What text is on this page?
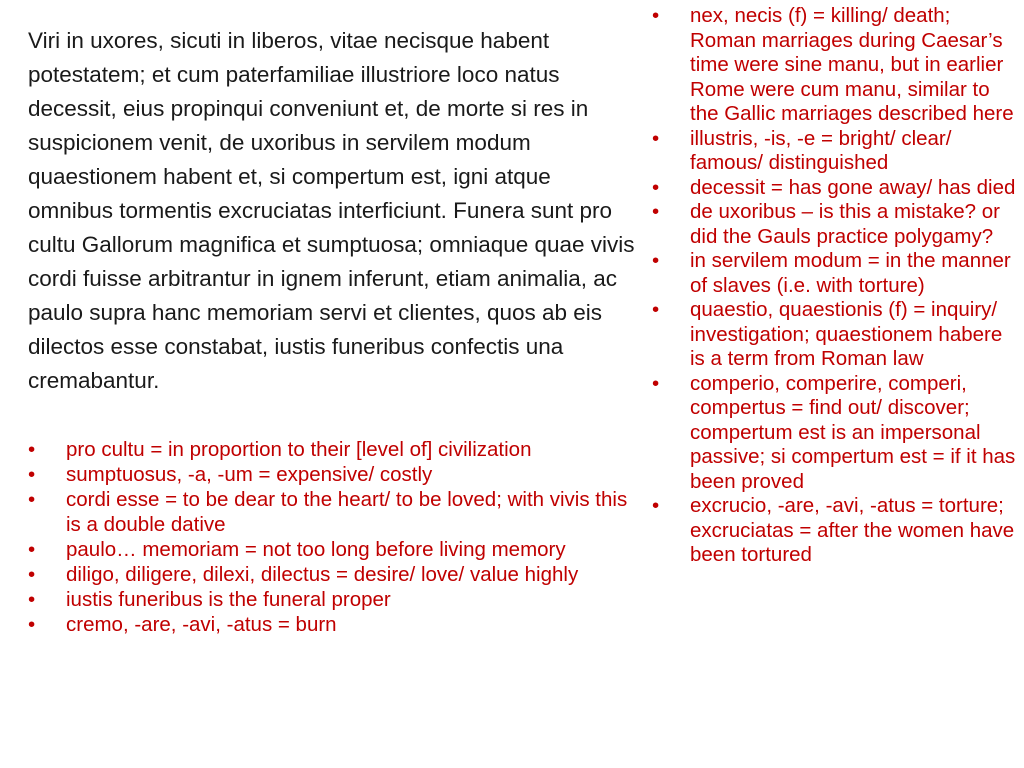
Viri in uxores, sicuti in liberos, vitae necisque habent potestatem; et cum paterfamiliae illustriore loco natus decessit, eius propinqui conveniunt et, de morte si res in suspicionem venit, de uxoribus in servilem modum quaestionem habent et, si compertum est, igni atque omnibus tormentis excruciatas interficiunt. Funera sunt pro cultu Gallorum magnifica et sumptuosa; omniaque quae vivis cordi fuisse arbitrantur in ignem inferunt, etiam animalia, ac paulo supra hanc memoriam servi et clientes, quos ab eis dilectos esse constabat, iustis funeribus confectis una cremabantur.

• pro cultu = in proportion to their [level of] civilization
• sumptuosus, -a, -um = expensive/ costly
• cordi esse = to be dear to the heart/ to be loved; with vivis this is a double dative
• paulo… memoriam = not too long before living memory
• diligo, diligere, dilexi, dilectus = desire/ love/ value highly
• iustis funeribus is the funeral proper
• cremo, -are, -avi, -atus = burn
• nex, necis (f) = killing/ death; Roman marriages during Caesar’s time were sine manu, but in earlier Rome were cum manu, similar to the Gallic marriages described here
• illustris, -is, -e = bright/ clear/ famous/ distinguished
• decessit = has gone away/ has died
• de uxoribus – is this a mistake? or did the Gauls practice polygamy?
• in servilem modum = in the manner of slaves (i.e. with torture)
• quaestio, quaestionis (f) = inquiry/ investigation; quaestionem habere is a term from Roman law
• comperio, comperire, comperi, compertus = find out/ discover; compertum est is an impersonal passive; si compertum est = if it has been proved
• excrucio, -are, -avi, -atus = torture; excruciatas = after the women have been tortured
